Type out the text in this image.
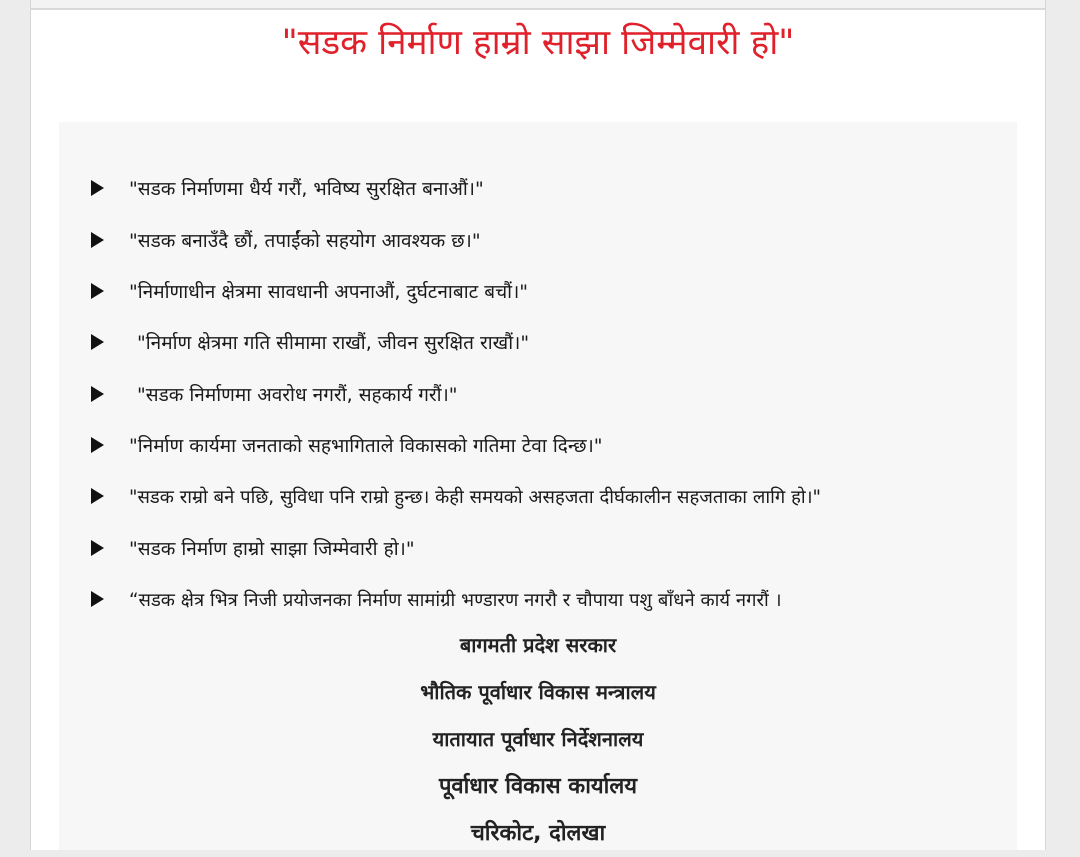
"सडक निर्माण हाम्रो साझा जिम्मेवारी हो"
"सडक निर्माणमा धैर्य गरौं, भविष्य सुरक्षित बनाऔं।"
"सडक बनाउँदै छौं, तपाईंको सहयोग आवश्यक छ।"
"निर्माणाधीन क्षेत्रमा सावधानी अपनाऔं, दुर्घटनाबाट बचौं।"
"निर्माण क्षेत्रमा गति सीमामा राखौं, जीवन सुरक्षित राखौं।"
"सडक निर्माणमा अवरोध नगरौं, सहकार्य गरौं।"
"निर्माण कार्यमा जनताको सहभागिताले विकासको गतिमा टेवा दिन्छ।"
"सडक राम्रो बने पछि, सुविधा पनि राम्रो हुन्छ। केही समयको असहजता दीर्घकालीन सहजताका लागि हो।"
"सडक निर्माण हाम्रो साझा जिम्मेवारी हो।"
“सडक क्षेत्र भित्र निजी प्रयोजनका निर्माण सामांग्री भण्डारण नगरौ र चौपाया पशु बाँधने कार्य नगरौं ।
बागमती प्रदेश सरकार
भौतिक पूर्वाधार विकास मन्त्रालय
यातायात पूर्वाधार निर्देशनालय
पूर्वाधार विकास कार्यालय
चरिकोट, दोलखा
